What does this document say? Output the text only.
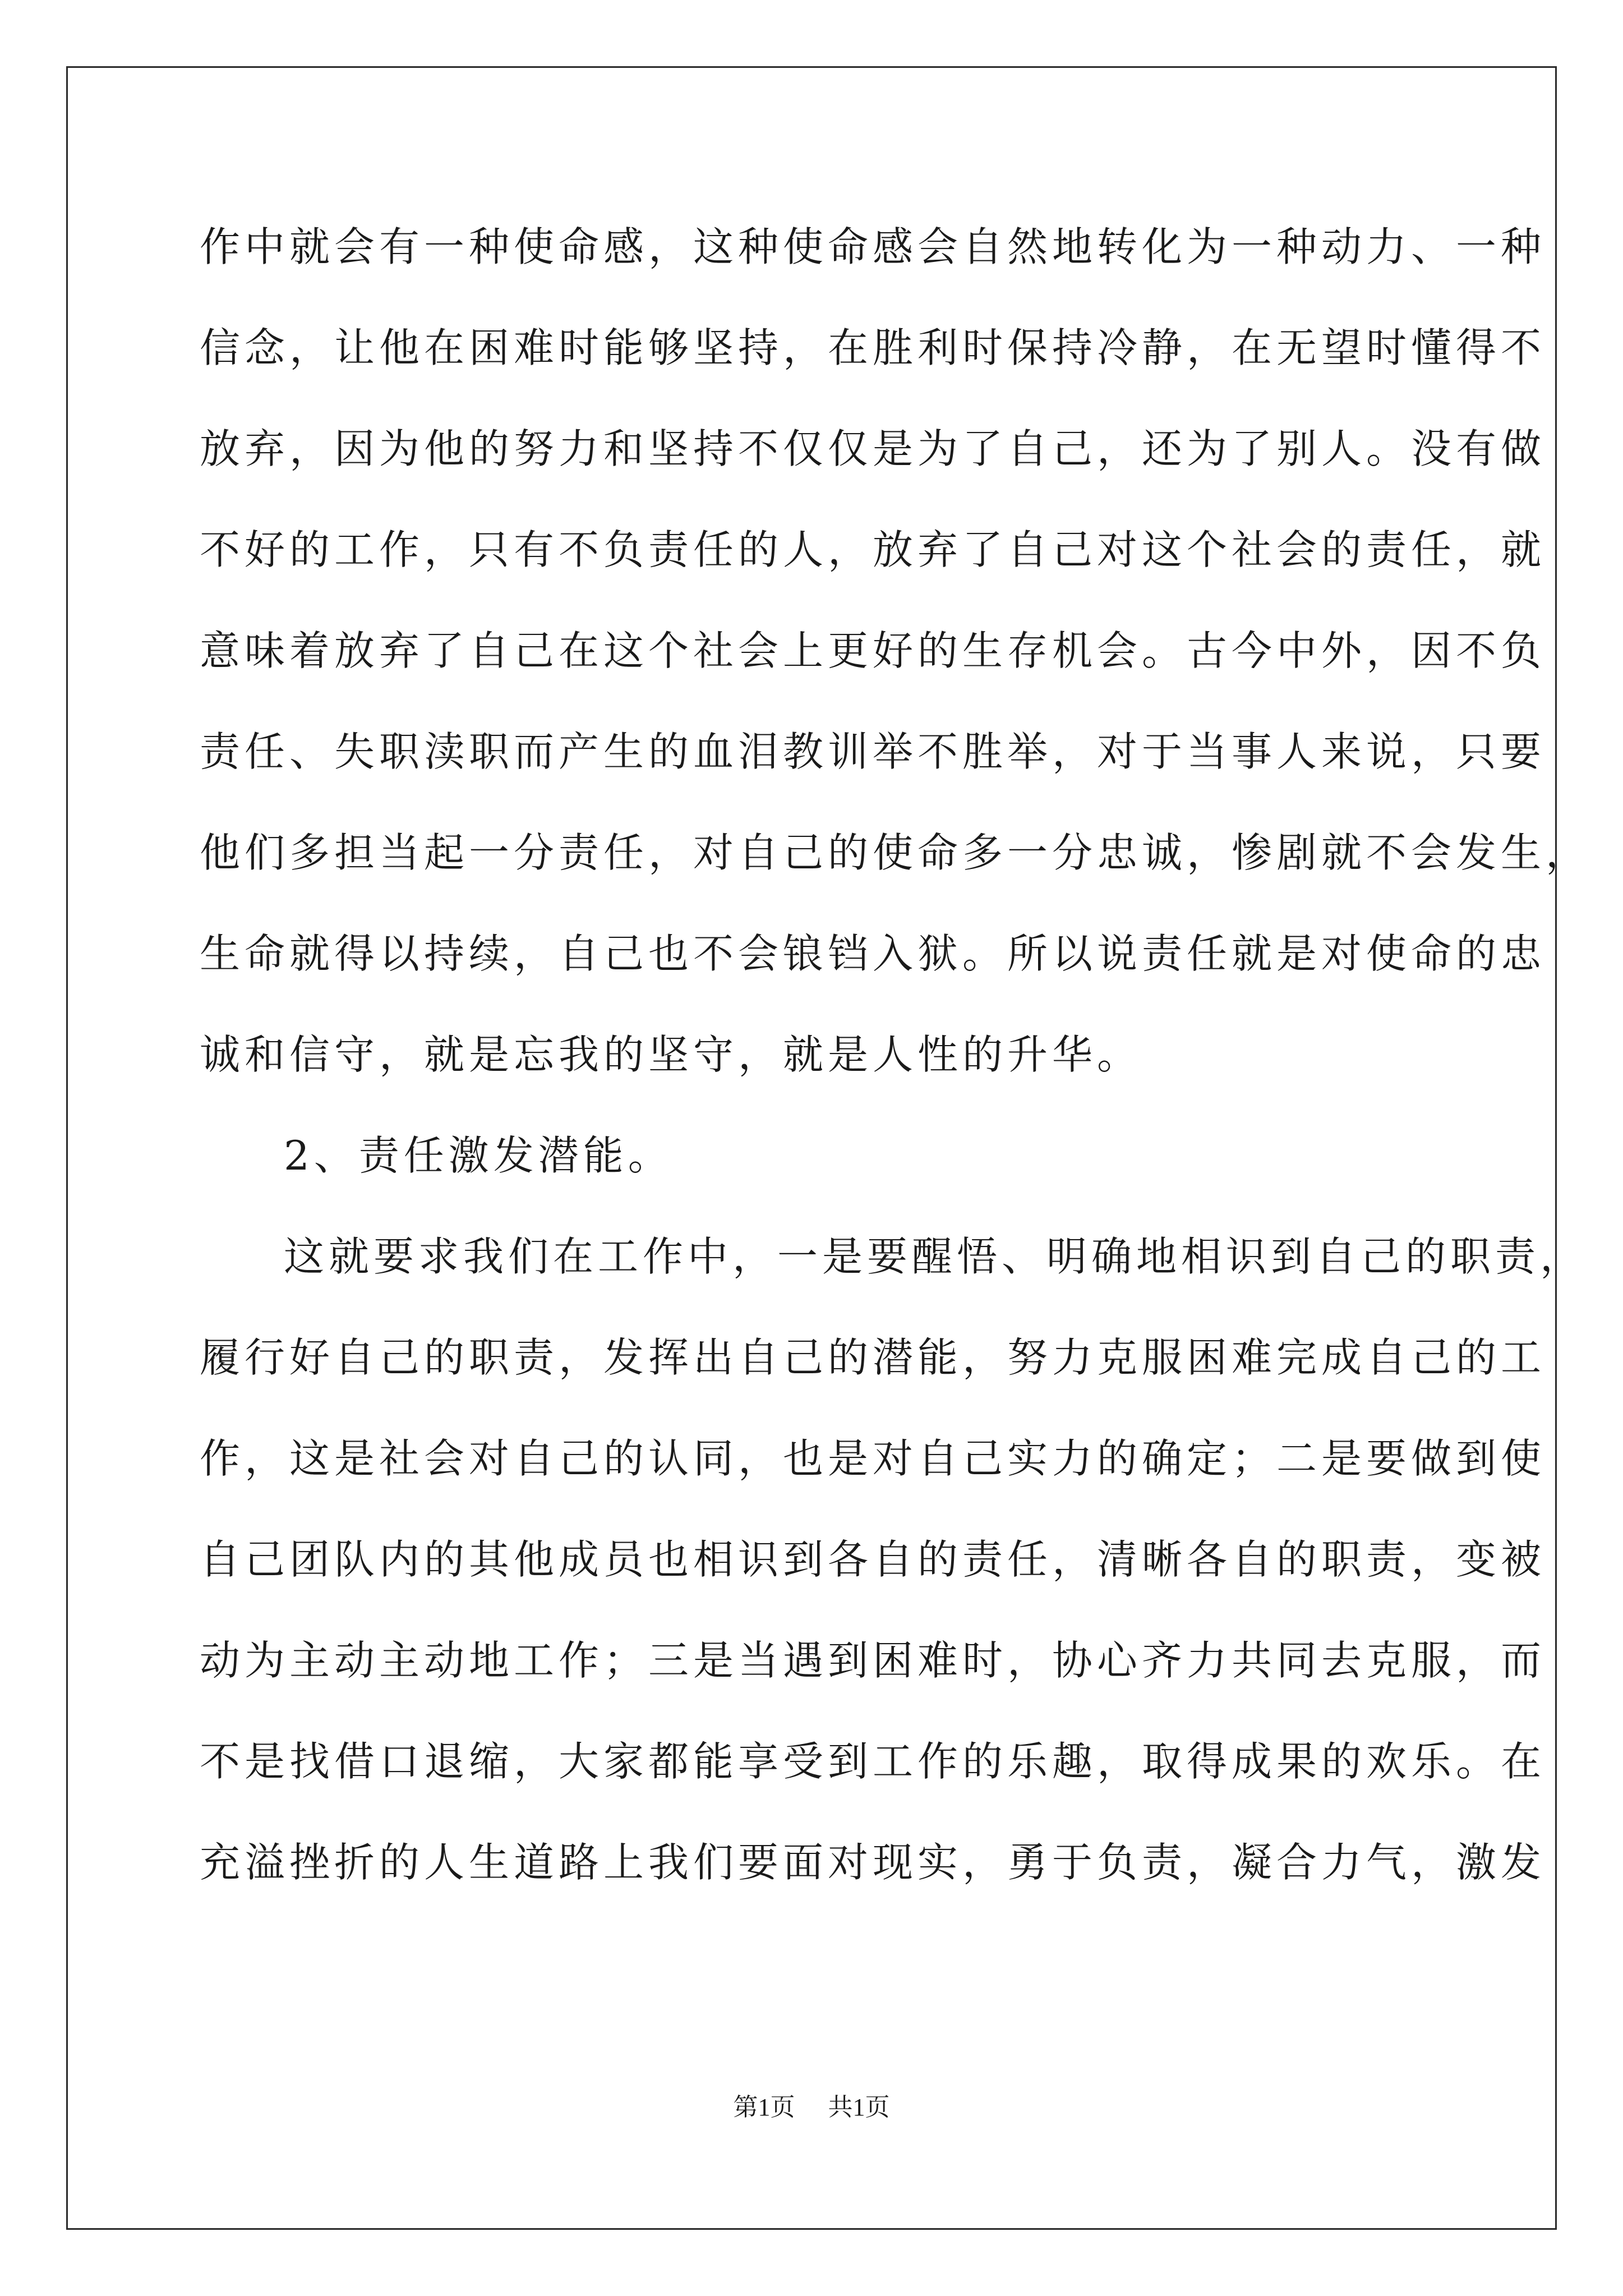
作中就会有一种使命感，这种使命感会自然地转化为一种动力、一种
信念，让他在困难时能够坚持，在胜利时保持冷静，在无望时懂得不
放弃，因为他的努力和坚持不仅仅是为了自己，还为了别人。没有做
不好的工作，只有不负责任的人，放弃了自己对这个社会的责任，就
意味着放弃了自己在这个社会上更好的生存机会。古今中外，因不负
责任、失职渎职而产生的血泪教训举不胜举，对于当事人来说，只要
他们多担当起一分责任，对自己的使命多一分忠诚，惨剧就不会发生，
生命就得以持续，自己也不会锒铛入狱。所以说责任就是对使命的忠
诚和信守，就是忘我的坚守，就是人性的升华。
2、责任激发潜能。
这就要求我们在工作中，一是要醒悟、明确地相识到自己的职责，
履行好自己的职责，发挥出自己的潜能，努力克服困难完成自己的工
作，这是社会对自己的认同，也是对自己实力的确定；二是要做到使
自己团队内的其他成员也相识到各自的责任，清晰各自的职责，变被
动为主动主动地工作；三是当遇到困难时，协心齐力共同去克服，而
不是找借口退缩，大家都能享受到工作的乐趣，取得成果的欢乐。在
充溢挫折的人生道路上我们要面对现实，勇于负责，凝合力气，激发
第1页 共1页
